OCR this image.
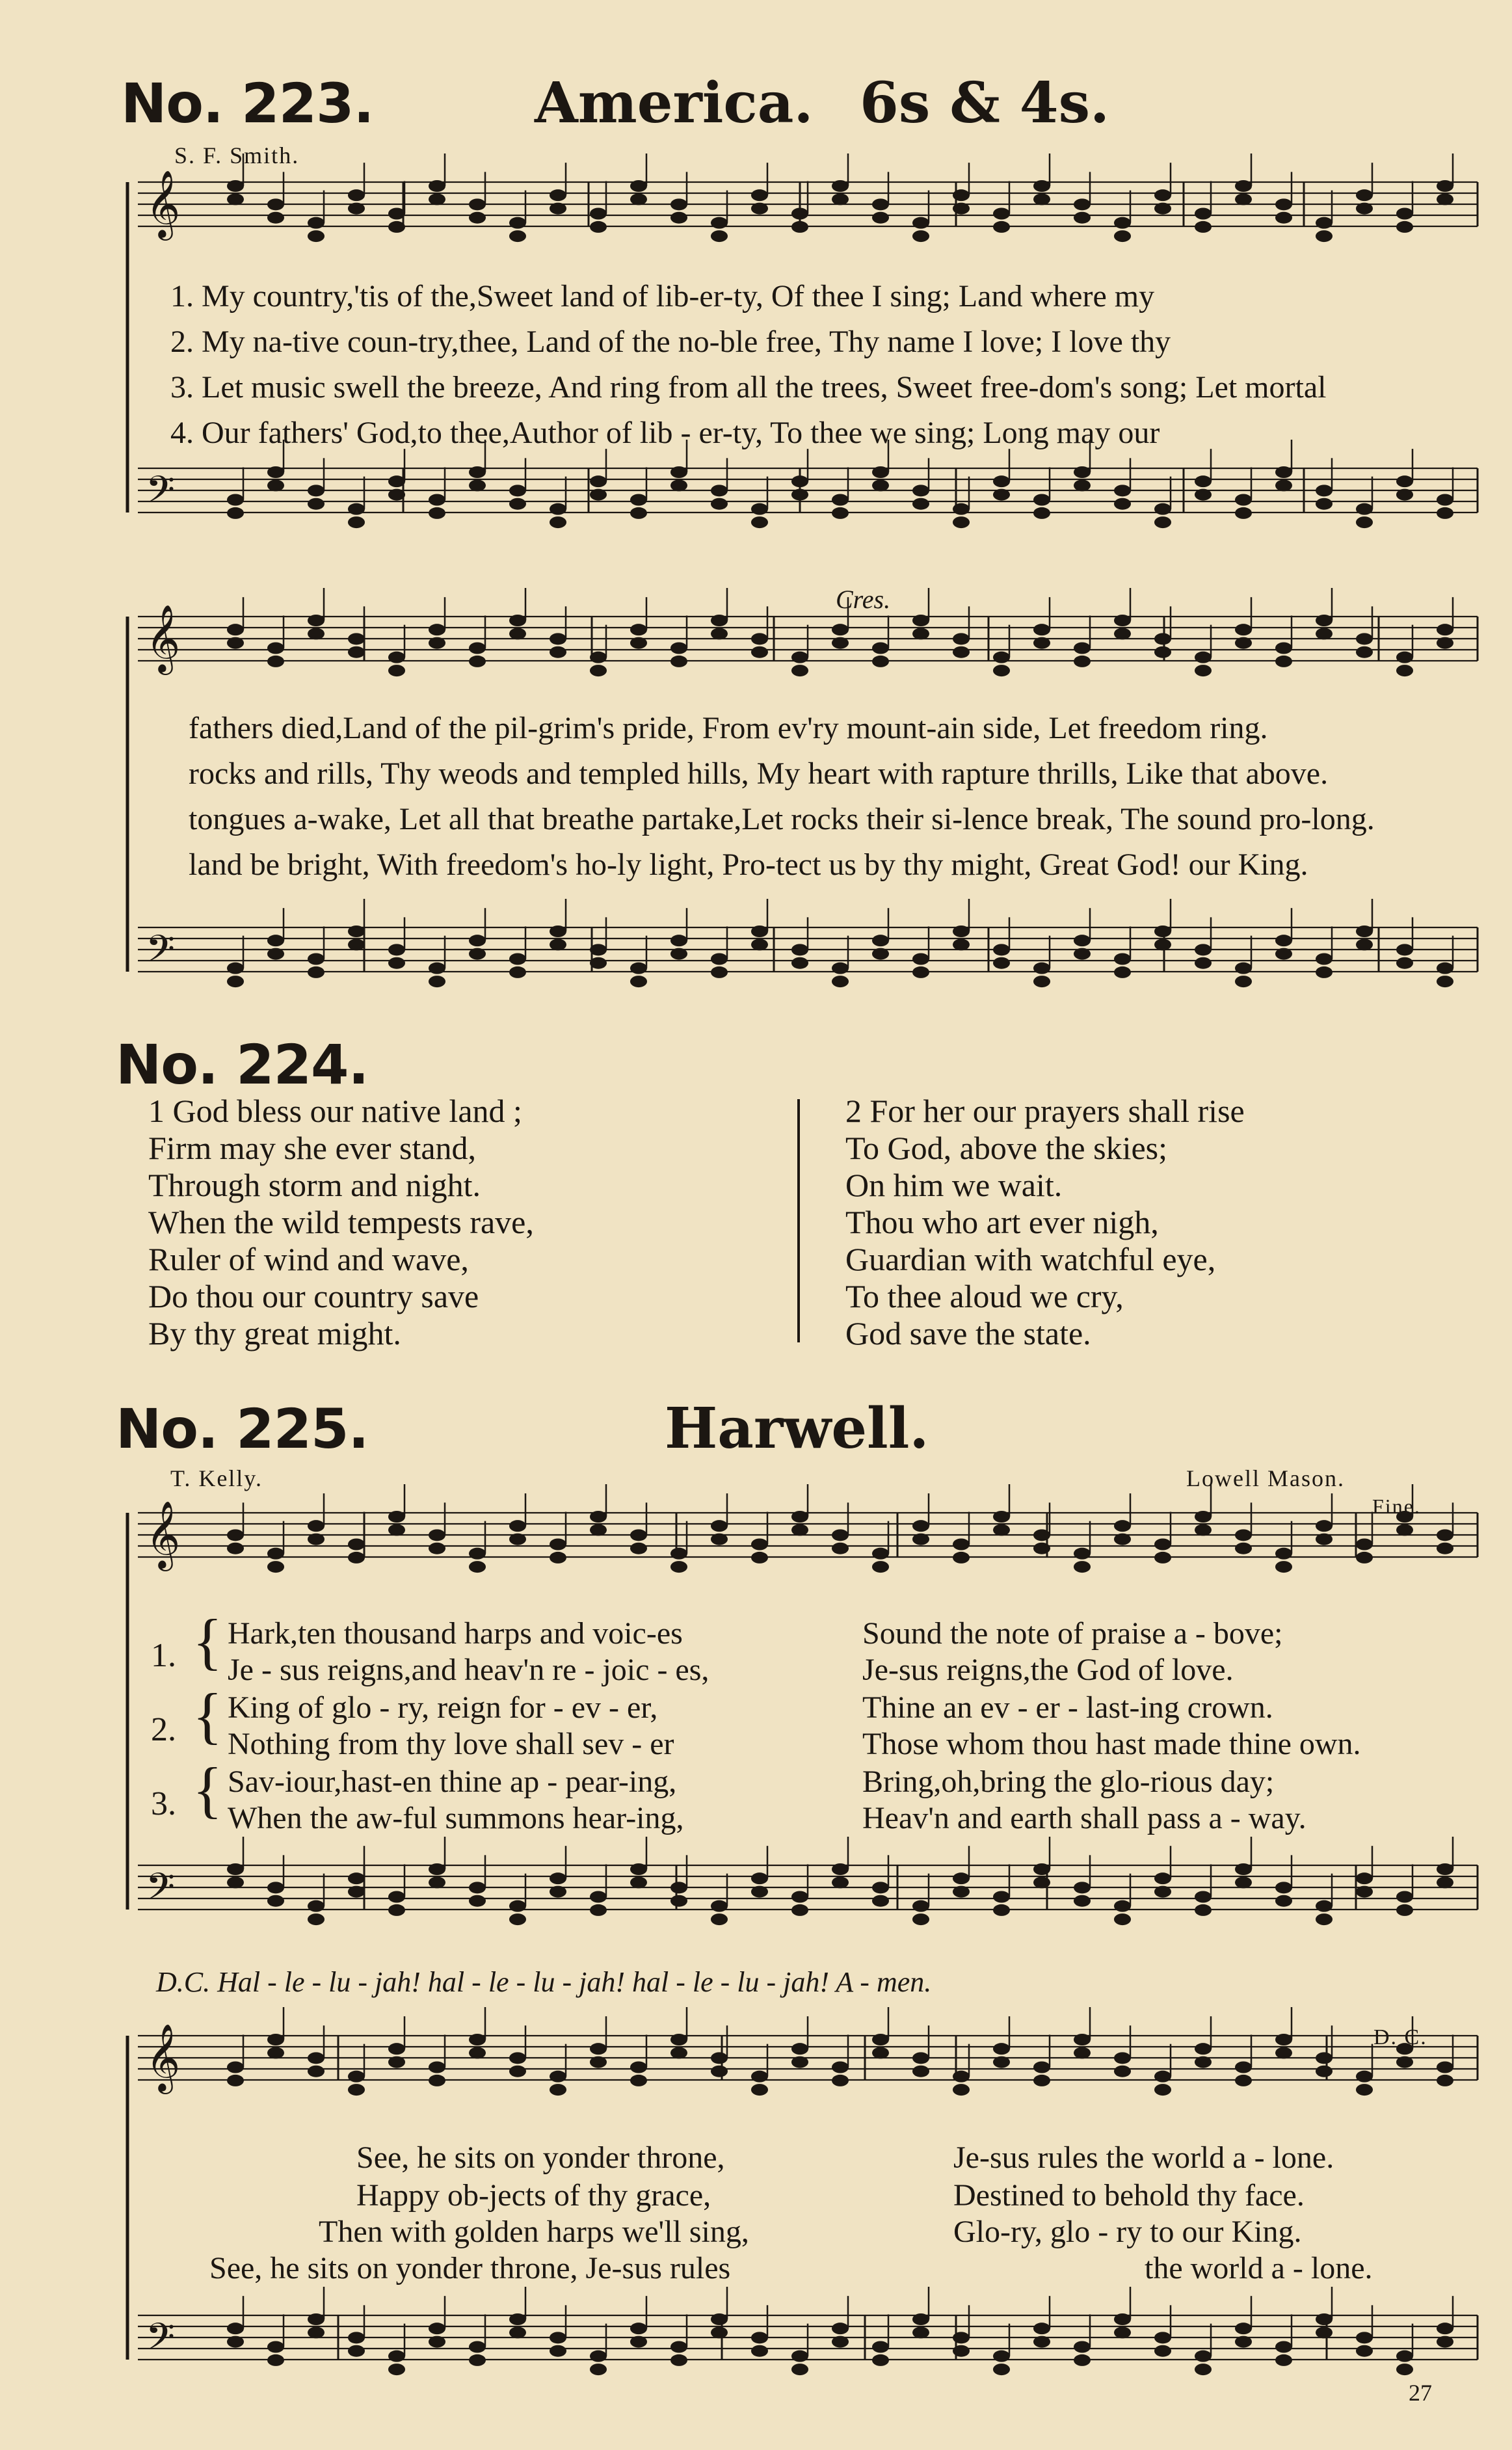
𝄞
𝄢
𝄞
𝄢
𝄞
𝄢
𝄞
𝄢
No. 223.	America. 6s & 4s.
S. F. Smith.
1. My country,'tis of the,Sweet land of lib-er-ty, Of thee I sing; Land where my
2. My na-tive coun-try,thee, Land of the no-ble free, Thy name I love; I love thy
3. Let music swell the breeze, And ring from all the trees, Sweet free-dom's song; Let mortal
4. Our fathers' God,to thee,Author of lib - er-ty, To thee we sing; Long may our
Cres.
fathers died,Land of the pil-grim's pride, From ev'ry mount-ain side, Let freedom ring.
rocks and rills, Thy weods and templed hills, My heart with rapture thrills, Like that above.
tongues a-wake, Let all that breathe partake,Let rocks their si-lence break, The sound pro-long.
land be bright, With freedom's ho-ly light, Pro-tect us by thy might, Great God! our King.
No. 224.
1 God bless our native land ;
Firm may she ever stand,
Through storm and night.
When the wild tempests rave,
Ruler of wind and wave,
Do thou our country save
By thy great might.
2 For her our prayers shall rise
To God, above the skies;
On him we wait.
Thou who art ever nigh,
Guardian with watchful eye,
To thee aloud we cry,
God save the state.
No. 225.	Harwell.
T. Kelly.	Lowell Mason.
Fine.
1.
2.
3.
{
{
{
Hark,ten thousand harps and voic-es
Je - sus reigns,and heav'n re - joic - es,
King of glo - ry, reign for - ev - er,
Nothing from thy love shall sev - er
Sav-iour,hast-en thine ap - pear-ing,
When the aw-ful summons hear-ing,
Sound the note of praise a - bove;
Je-sus reigns,the God of love.
Thine an ev - er - last-ing crown.
Those whom thou hast made thine own.
Bring,oh,bring the glo-rious day;
Heav'n and earth shall pass a - way.
D.C. Hal - le - lu - jah! hal - le - lu - jah! hal - le - lu - jah! A - men.
D. C.
See, he sits on yonder throne,
Happy ob-jects of thy grace,
Then with golden harps we'll sing,
See, he sits on yonder throne, Je-sus rules
Je-sus rules the world a - lone.
Destined to behold thy face.
Glo-ry, glo - ry to our King.
the world a - lone.
27
